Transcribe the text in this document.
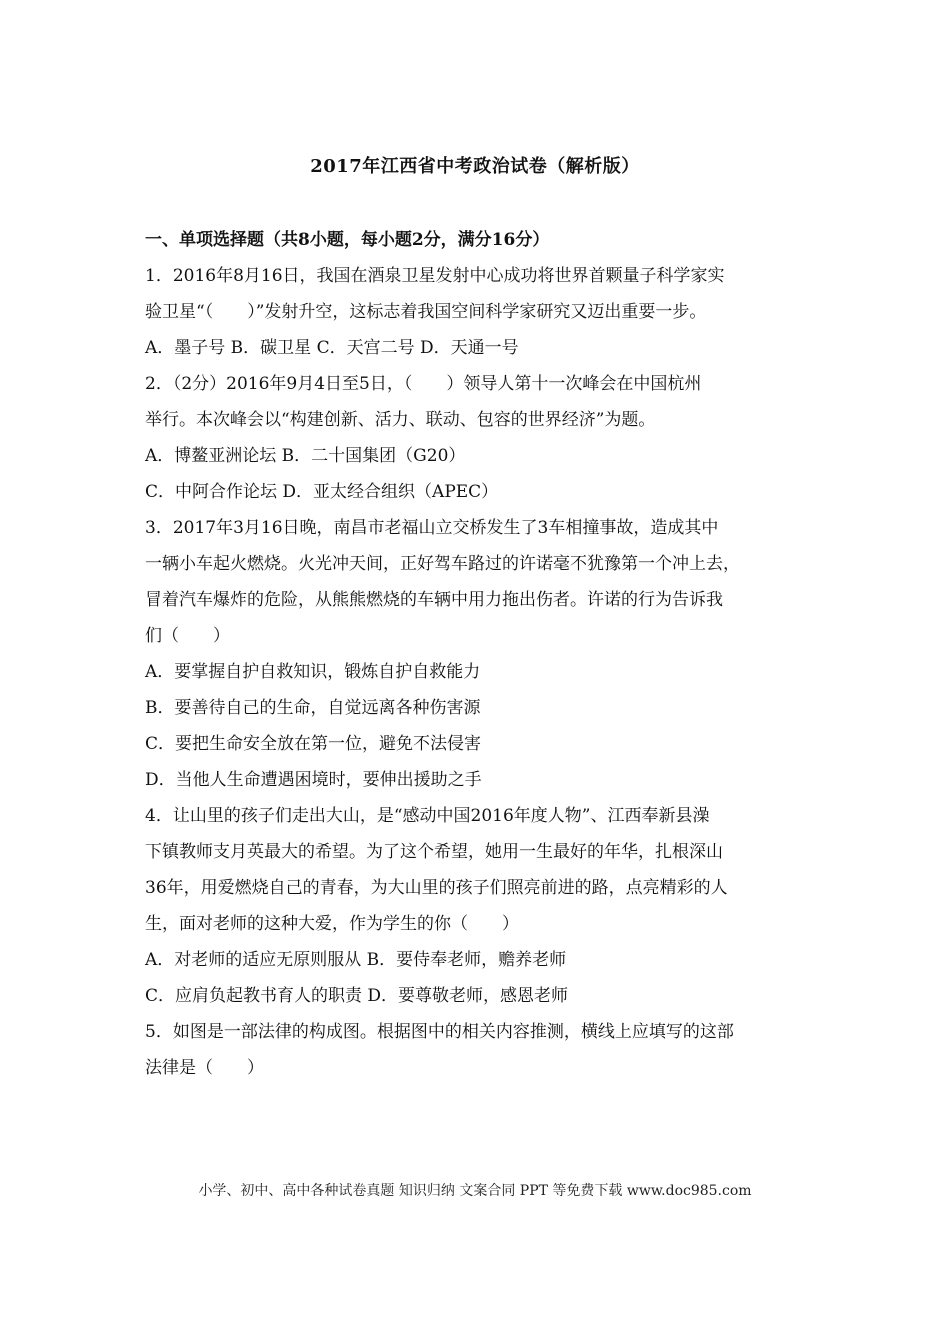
2017年江西省中考政治试卷（解析版）
一、单项选择题（共8小题，每小题2分，满分16分）
1．2016年8月16日，我国在酒泉卫星发射中心成功将世界首颗量子科学家实
验卫星“（　　）”发射升空，这标志着我国空间科学家研究又迈出重要一步。
A．墨子号 B．碳卫星 C．天宫二号 D．天通一号
2．（2分）2016年9月4日至5日，（　　）领导人第十一次峰会在中国杭州
举行。本次峰会以“构建创新、活力、联动、包容的世界经济”为题。
A．博鳌亚洲论坛 B．二十国集团（G20）
C．中阿合作论坛 D．亚太经合组织（APEC）
3．2017年3月16日晚，南昌市老福山立交桥发生了3车相撞事故，造成其中
一辆小车起火燃烧。火光冲天间，正好驾车路过的许诺毫不犹豫第一个冲上去，
冒着汽车爆炸的危险，从熊熊燃烧的车辆中用力拖出伤者。许诺的行为告诉我
们（　　）
A．要掌握自护自救知识，锻炼自护自救能力
B．要善待自己的生命，自觉远离各种伤害源
C．要把生命安全放在第一位，避免不法侵害
D．当他人生命遭遇困境时，要伸出援助之手
4．让山里的孩子们走出大山，是“感动中国2016年度人物”、江西奉新县澡
下镇教师支月英最大的希望。为了这个希望，她用一生最好的年华，扎根深山
36年，用爱燃烧自己的青春，为大山里的孩子们照亮前进的路，点亮精彩的人
生，面对老师的这种大爱，作为学生的你（　　）
A．对老师的适应无原则服从 B．要侍奉老师，赡养老师
C．应肩负起教书育人的职责 D．要尊敬老师，感恩老师
5．如图是一部法律的构成图。根据图中的相关内容推测，横线上应填写的这部
法律是（　　）
小学、初中、高中各种试卷真题 知识归纳 文案合同 PPT 等免费下载 www.doc985.com
